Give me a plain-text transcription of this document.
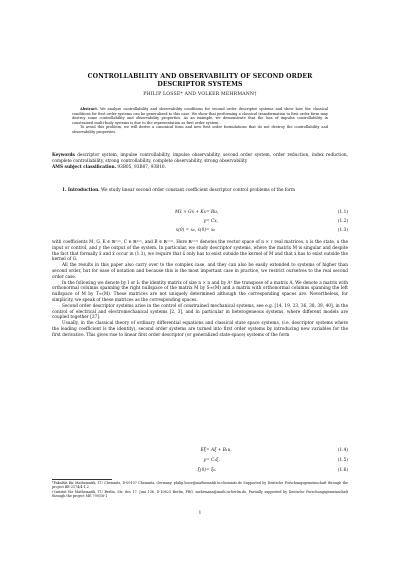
CONTROLLABILITY AND OBSERVABILITY OF SECOND ORDER
DESCRIPTOR SYSTEMS
PHILIP LOSSE* AND VOLKER MEHRMANN†

Abstract. We analyze controllability and observability conditions for second order descriptor systems and show how the classical conditions for first order systems can be generalized to this case. We show that performing a classical transformation to first order form may destroy some controllability and observability properties. As an example, we demonstrate that the loss of impulse controllability in constrained multi-body systems is due to the representation as first order system.

To avoid this problem, we will derive a canonical form and new first order formulations that do not destroy the controllability and observability properties.

Keywords descriptor system, impulse controllability, impulse observability, second order system, order reduction, index reduction, complete controllability, strong controllability, complete observability, strong observability

AMS subject classification. 93B05, 93B07, 93B10.

1. Introduction. We study linear second order constant coefficient descriptor control problems of the form

Mẍ + Gẋ + Kx = Bu,	(1.1)
y = Cx,	(1.2)
x(0) = x₀, ẋ(0) = ẋ₀	(1.3)

with coefficients M, G, K ∈ ℝⁿˣⁿ, C ∈ ℝᵖˣⁿ, and B ∈ ℝⁿˣᵐ. Here ℝⁿˣᵐ denotes the vector space of n × ℓ real matrices, x is the state, u the input or control, and y the output of the system. In particular, we study descriptor systems, where the matrix M is singular and despite the fact that formally ẍ and ẋ occur in (1.1), we require that ẍ only has to exist outside the kernel of M and that ẋ has to exist outside the kernel of G.

All the results in this paper also carry over to the complex case, and they can also be easily extended to systems of higher than second order, but for ease of notation and because this is the most important case in practice, we restrict ourselves to the real second order case.

In the following we denote by I or Iₙ the identity matrix of size n × n and by Aᵀ the transpose of a matrix A. We denote a matrix with orthonormal columns spanning the right nullspace of the matrix M by S∞(M) and a matrix with orthonormal columns spanning the left nullspace of M by T∞(M). These matrices are not uniquely determined although the corresponding spaces are. Nevertheless, for simplicity, we speak of these matrices as the corresponding spaces.

Second order descriptor systems arise in the control of constrained mechanical systems, see e.g. [14, 19, 23, 36, 38, 39, 40], in the control of electrical and electromechanical systems [2, 3], and in particular in heterogeneous systems, where different models are coupled together [37].

Usually, in the classical theory of ordinary differential equations and classical state space systems, (i.e. descriptor systems where the leading coefficient is the identity), second order systems are turned into first order systems by introducing new variables for the first derivative. This gives rise to linear first order descriptor (or generalized state-space) systems of the form

Eξ̇ = Aξ + B₁u,	(1.4)
y = C₁ξ,	(1.5)
ξ(0) = ξ₀.	(1.6)

*Fakultät für Mathematik, TU Chemnitz, D-09107 Chemnitz, Germany. philip.losse@mathematik.tu-chemnitz.de Supported by Deutsche Forschungsgemeinschaft through the project BE-2174/4-1,2

†Institut für Mathematik, TU Berlin, Str. des 17. Juni 136, D-10623 Berlin, FRG. mehrmann@math.tu-berlin.de. Partially supported by Deutsche Forschungsgemeinschaft through the project ME 790/16-1

1
